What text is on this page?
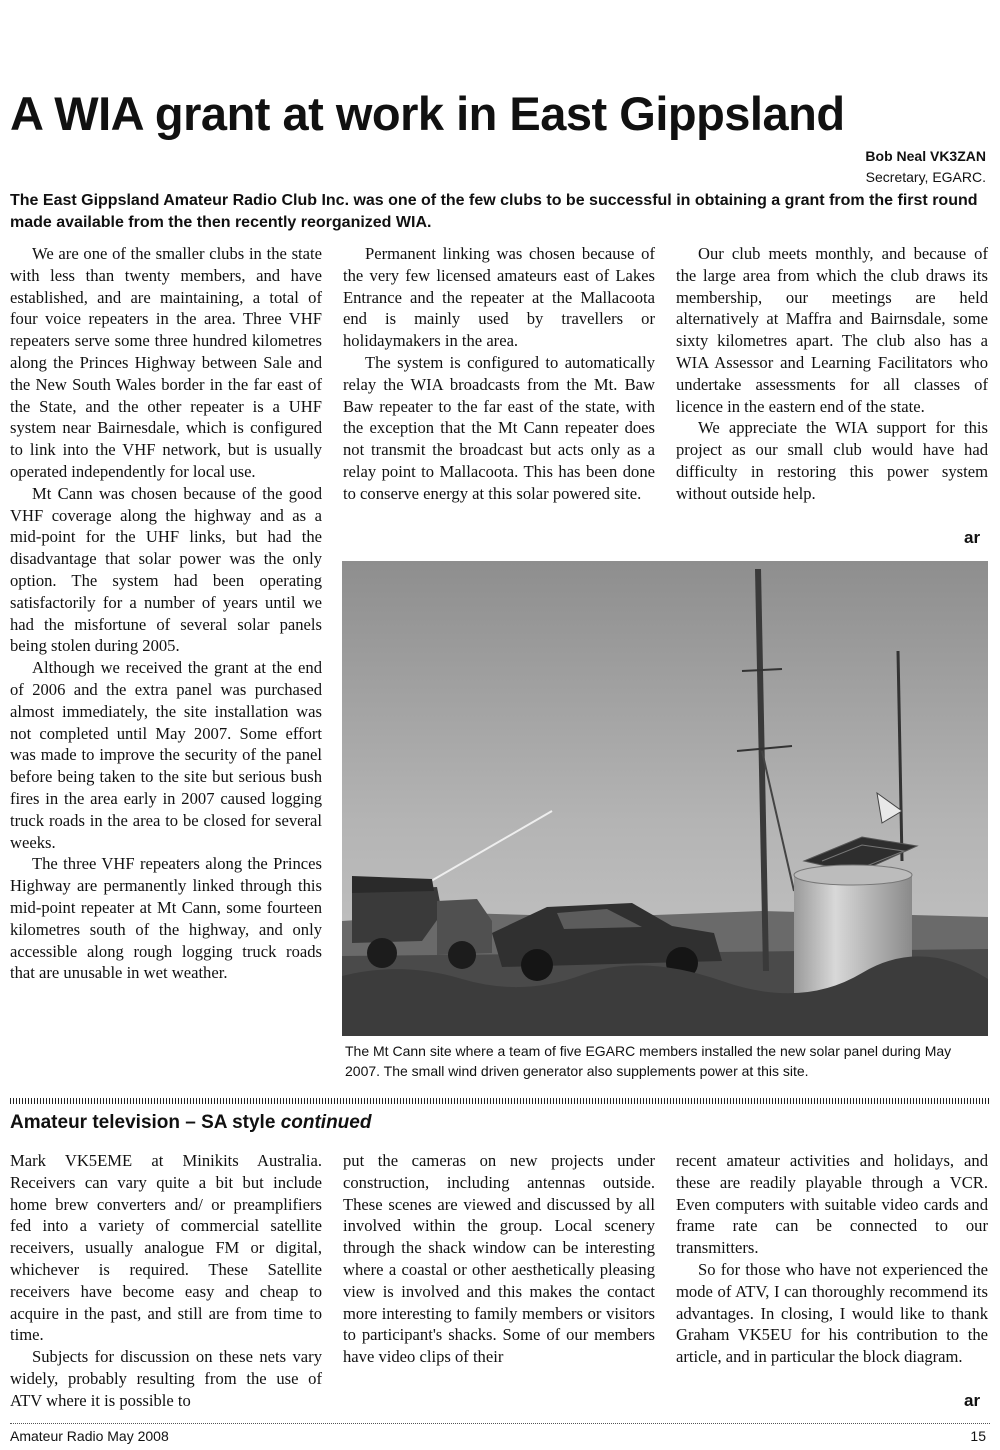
A WIA grant at work in East Gippsland
Bob Neal VK3ZAN
Secretary, EGARC.

The East Gippsland Amateur Radio Club Inc. was one of the few clubs to be successful in obtaining a grant from the first round made available from the then recently reorganized WIA.

We are one of the smaller clubs in the state with less than twenty members, and have established, and are maintaining, a total of four voice repeaters in the area. Three VHF repeaters serve some three hundred kilometres along the Princes Highway between Sale and the New South Wales border in the far east of the State, and the other repeater is a UHF system near Bairnesdale, which is configured to link into the VHF network, but is usually operated independently for local use.

Mt Cann was chosen because of the good VHF coverage along the highway and as a mid-point for the UHF links, but had the disadvantage that solar power was the only option. The system had been operating satisfactorily for a number of years until we had the misfortune of several solar panels being stolen during 2005.

Although we received the grant at the end of 2006 and the extra panel was purchased almost immediately, the site installation was not completed until May 2007. Some effort was made to improve the security of the panel before being taken to the site but serious bush fires in the area early in 2007 caused logging truck roads in the area to be closed for several weeks.

The three VHF repeaters along the Princes Highway are permanently linked through this mid-point repeater at Mt Cann, some fourteen kilometres south of the highway, and only accessible along rough logging truck roads that are unusable in wet weather.

Permanent linking was chosen because of the very few licensed amateurs east of Lakes Entrance and the repeater at the Mallacoota end is mainly used by travellers or holidaymakers in the area.

The system is configured to automatically relay the WIA broadcasts from the Mt. Baw Baw repeater to the far east of the state, with the exception that the Mt Cann repeater does not transmit the broadcast but acts only as a relay point to Mallacoota. This has been done to conserve energy at this solar powered site.

Our club meets monthly, and because of the large area from which the club draws its membership, our meetings are held alternatively at Maffra and Bairnsdale, some sixty kilometres apart. The club also has a WIA Assessor and Learning Facilitators who undertake assessments for all classes of licence in the eastern end of the state.

We appreciate the WIA support for this project as our small club would have had difficulty in restoring this power system without outside help.

ar

The Mt Cann site where a team of five EGARC members installed the new solar panel during May 2007. The small wind driven generator also supplements power at this site.

Amateur television – SA style continued

Mark VK5EME at Minikits Australia. Receivers can vary quite a bit but include home brew converters and/ or preamplifiers fed into a variety of commercial satellite receivers, usually analogue FM or digital, whichever is required. These Satellite receivers have become easy and cheap to acquire in the past, and still are from time to time.

Subjects for discussion on these nets vary widely, probably resulting from the use of ATV where it is possible to

put the cameras on new projects under construction, including antennas outside. These scenes are viewed and discussed by all involved within the group. Local scenery through the shack window can be interesting where a coastal or other aesthetically pleasing view is involved and this makes the contact more interesting to family members or visitors to participant's shacks. Some of our members have video clips of their

recent amateur activities and holidays, and these are readily playable through a VCR. Even computers with suitable video cards and frame rate can be connected to our transmitters.

So for those who have not experienced the mode of ATV, I can thoroughly recommend its advantages. In closing, I would like to thank Graham VK5EU for his contribution to the article, and in particular the block diagram.

ar
Amateur Radio May 2008	15
